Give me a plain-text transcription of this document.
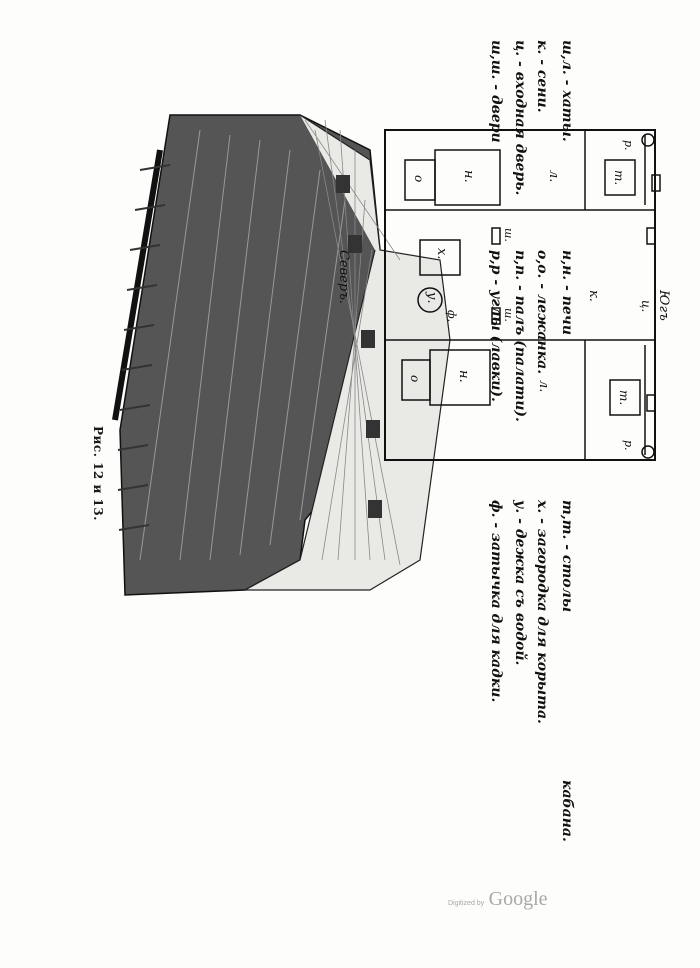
Рис. 12 и 13.
Северъ.
Югъ
х.
у.	к.
н.
н.
о
о
т.
т.
л.
л.
ц.
р.
р.
ш.
ш.
ф.
ш,л. - хаты.
к. - сени.
ц. - входная дверь.
ш,ш. - двери
н,н. - печи
о,о. - лежанка.
п,п. - палъ (палати).
р,р - углы (лавки).
т,т. - столы
х. - загородка для корыта.
у. - дежка съ водой.
ф. - затычка для кадки.
кабана.
Digitized by Google
